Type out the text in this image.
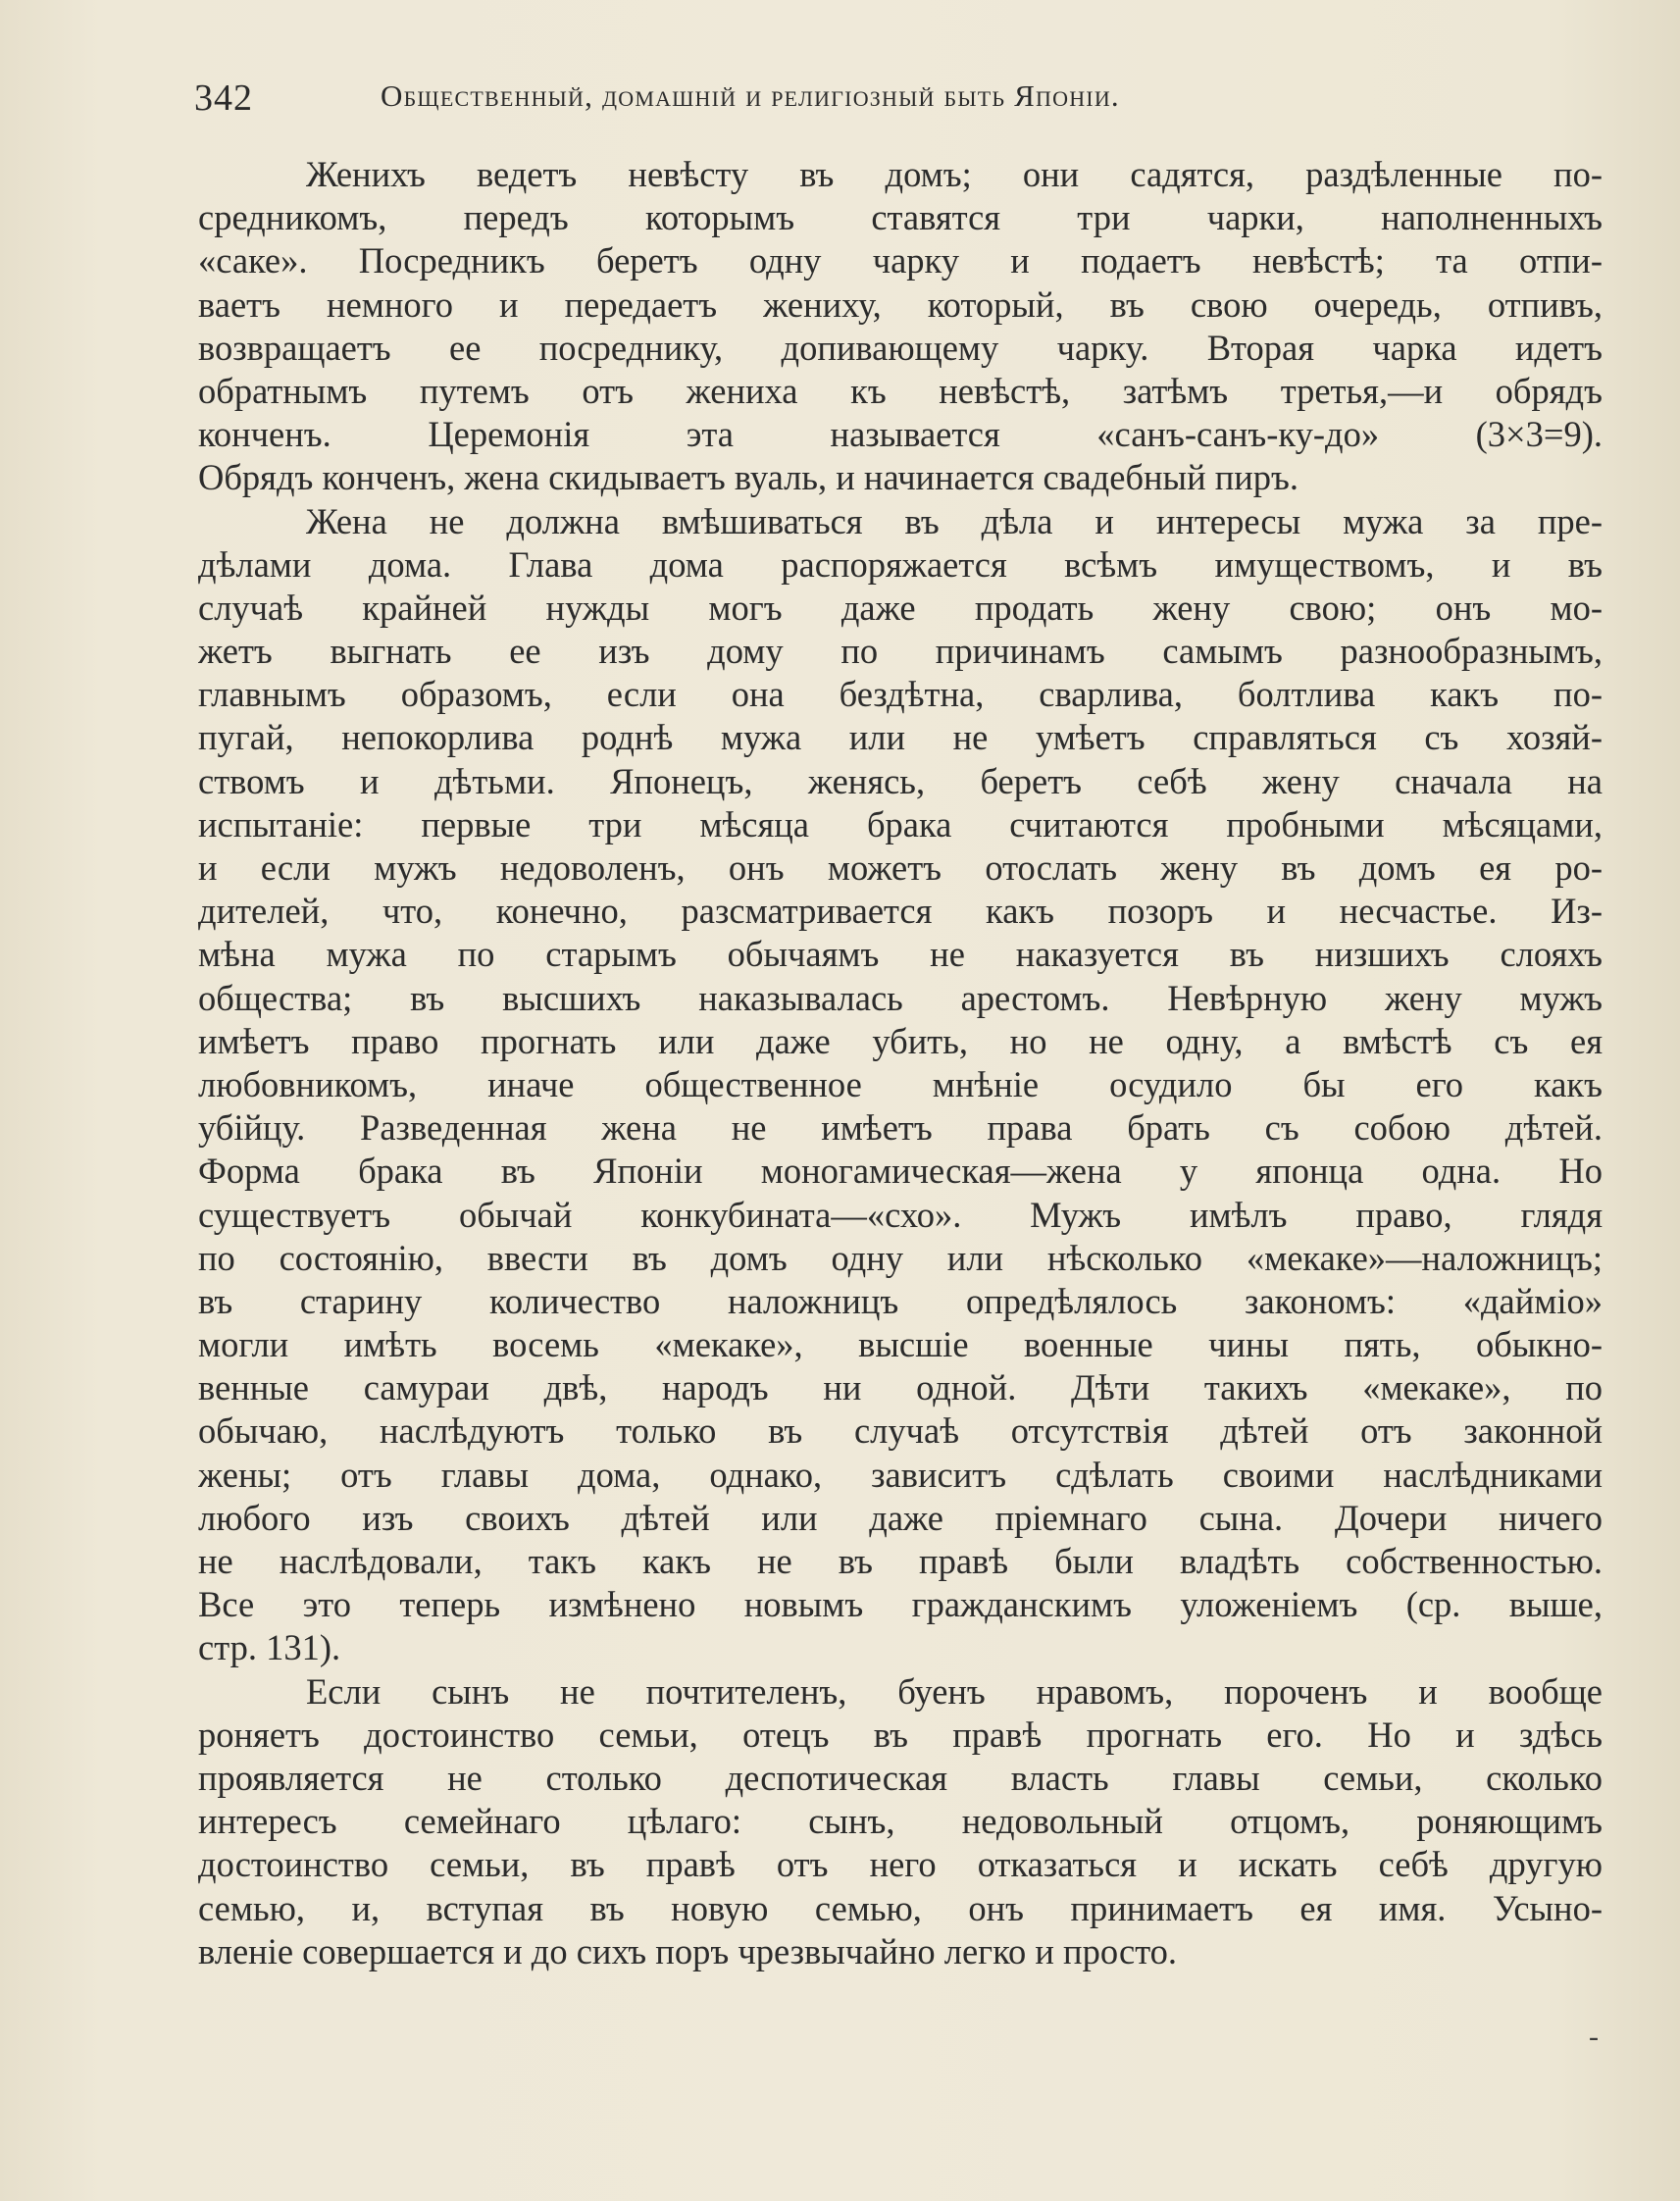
342	Общественный, домашній и религіозный быть Японіи.
Женихъ ведетъ невѣсту въ домъ; они садятся, раздѣленные по-
средникомъ, передъ которымъ ставятся три чарки, наполненныхъ
«саке». Посредникъ беретъ одну чарку и подаетъ невѣстѣ; та отпи-
ваетъ немного и передаетъ жениху, который, въ свою очередь, отпивъ,
возвращаетъ ее посреднику, допивающему чарку. Вторая чарка идетъ
обратнымъ путемъ отъ жениха къ невѣстѣ, затѣмъ третья,—и обрядъ
конченъ. Церемонія эта называется «санъ-санъ-ку-до» (3×3=9).
Обрядъ конченъ, жена скидываетъ вуаль, и начинается свадебный пиръ.
Жена не должна вмѣшиваться въ дѣла и интересы мужа за пре-
дѣлами дома. Глава дома распоряжается всѣмъ имуществомъ, и въ
случаѣ крайней нужды могъ даже продать жену свою; онъ мо-
жетъ выгнать ее изъ дому по причинамъ самымъ разнообразнымъ,
главнымъ образомъ, если она бездѣтна, сварлива, болтлива какъ по-
пугай, непокорлива роднѣ мужа или не умѣетъ справляться съ хозяй-
ствомъ и дѣтьми. Японецъ, женясь, беретъ себѣ жену сначала на
испытаніе: первые три мѣсяца брака считаются пробными мѣсяцами,
и если мужъ недоволенъ, онъ можетъ отослать жену въ домъ ея ро-
дителей, что, конечно, разсматривается какъ позоръ и несчастье. Из-
мѣна мужа по старымъ обычаямъ не наказуется въ низшихъ слояхъ
общества; въ высшихъ наказывалась арестомъ. Невѣрную жену мужъ
имѣетъ право прогнать или даже убить, но не одну, а вмѣстѣ съ ея
любовникомъ, иначе общественное мнѣніе осудило бы его какъ
убійцу. Разведенная жена не имѣетъ права брать съ собою дѣтей.
Форма брака въ Японіи моногамическая—жена у японца одна. Но
существуетъ обычай конкубината—«схо». Мужъ имѣлъ право, глядя
по состоянію, ввести въ домъ одну или нѣсколько «мекаке»—наложницъ;
въ старину количество наложницъ опредѣлялось закономъ: «дайміо»
могли имѣть восемь «мекаке», высшіе военные чины пять, обыкно-
венные самураи двѣ, народъ ни одной. Дѣти такихъ «мекаке», по
обычаю, наслѣдуютъ только въ случаѣ отсутствія дѣтей отъ законной
жены; отъ главы дома, однако, зависитъ сдѣлать своими наслѣдниками
любого изъ своихъ дѣтей или даже пріемнаго сына. Дочери ничего
не наслѣдовали, такъ какъ не въ правѣ были владѣть собственностью.
Все это теперь измѣнено новымъ гражданскимъ уложеніемъ (ср. выше,
стр. 131).
Если сынъ не почтителенъ, буенъ нравомъ, пороченъ и вообще
роняетъ достоинство семьи, отецъ въ правѣ прогнать его. Но и здѣсь
проявляется не столько деспотическая власть главы семьи, сколько
интересъ семейнаго цѣлаго: сынъ, недовольный отцомъ, роняющимъ
достоинство семьи, въ правѣ отъ него отказаться и искать себѣ другую
семью, и, вступая въ новую семью, онъ принимаетъ ея имя. Усыно-
вленіе совершается и до сихъ поръ чрезвычайно легко и просто.
-
